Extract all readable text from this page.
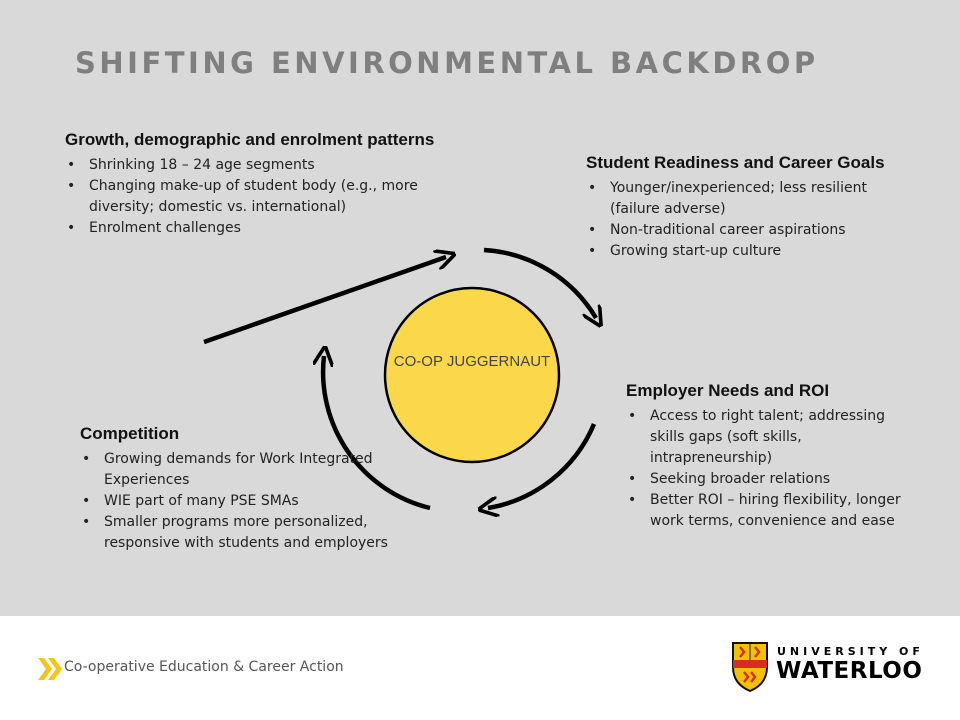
SHIFTING ENVIRONMENTAL BACKDROP
CO-OP JUGGERNAUT
Growth, demographic and enrolment patterns
• Shrinking 18 – 24 age segments
• Changing make-up of student body (e.g., more diversity; domestic vs. international)
• Enrolment challenges
Student Readiness and Career Goals
• Younger/inexperienced; less resilient (failure adverse)
• Non-traditional career aspirations
• Growing start-up culture
Employer Needs and ROI
• Access to right talent; addressing skills gaps (soft skills, intrapreneurship)
• Seeking broader relations
• Better ROI – hiring flexibility, longer work terms, convenience and ease
Competition
• Growing demands for Work Integrated Experiences
• WIE part of many PSE SMAs
• Smaller programs more personalized, responsive with students and employers
Co-operative Education & Career Action
UNIVERSITY OF
WATERLOO
